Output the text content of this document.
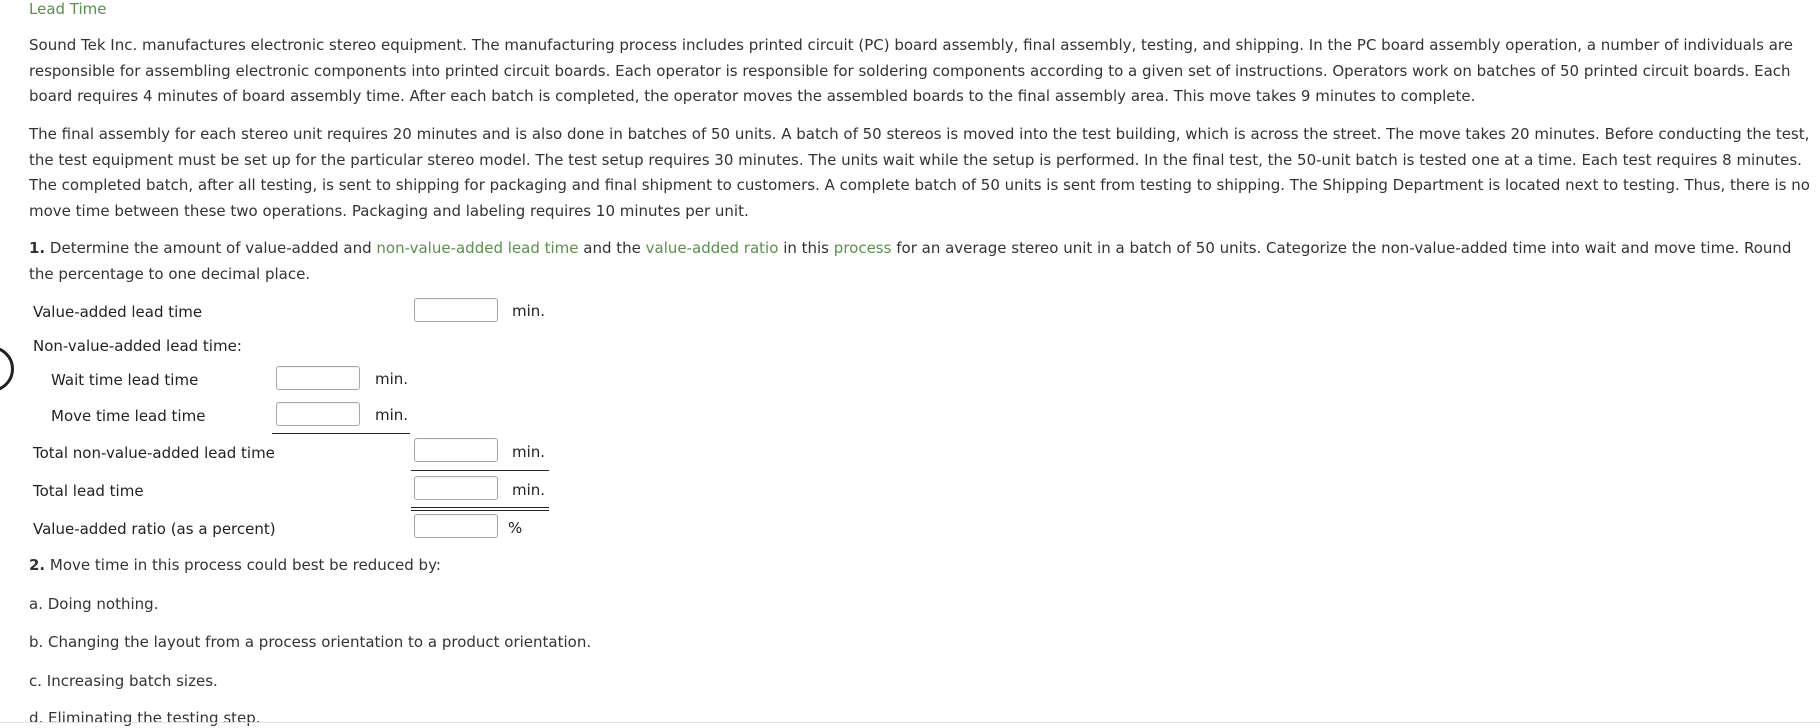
Lead Time

Sound Tek Inc. manufactures electronic stereo equipment. The manufacturing process includes printed circuit (PC) board assembly, final assembly, testing, and shipping. In the PC board assembly operation, a number of individuals are responsible for assembling electronic components into printed circuit boards. Each operator is responsible for soldering components according to a given set of instructions. Operators work on batches of 50 printed circuit boards. Each board requires 4 minutes of board assembly time. After each batch is completed, the operator moves the assembled boards to the final assembly area. This move takes 9 minutes to complete.

The final assembly for each stereo unit requires 20 minutes and is also done in batches of 50 units. A batch of 50 stereos is moved into the test building, which is across the street. The move takes 20 minutes. Before conducting the test, the test equipment must be set up for the particular stereo model. The test setup requires 30 minutes. The units wait while the setup is performed. In the final test, the 50-unit batch is tested one at a time. Each test requires 8 minutes. The completed batch, after all testing, is sent to shipping for packaging and final shipment to customers. A complete batch of 50 units is sent from testing to shipping. The Shipping Department is located next to testing. Thus, there is no move time between these two operations. Packaging and labeling requires 10 minutes per unit.

1. Determine the amount of value-added and non-value-added lead time and the value-added ratio in this process for an average stereo unit in a batch of 50 units. Categorize the non-value-added time into wait and move time. Round the percentage to one decimal place.

Value-added lead time	min.
Non-value-added lead time:
Wait time lead time	min.
Move time lead time	min.
Total non-value-added lead time	min.
Total lead time	min.
Value-added ratio (as a percent)	%
2. Move time in this process could best be reduced by:
a. Doing nothing.
b. Changing the layout from a process orientation to a product orientation.
c. Increasing batch sizes.
d. Eliminating the testing step.
